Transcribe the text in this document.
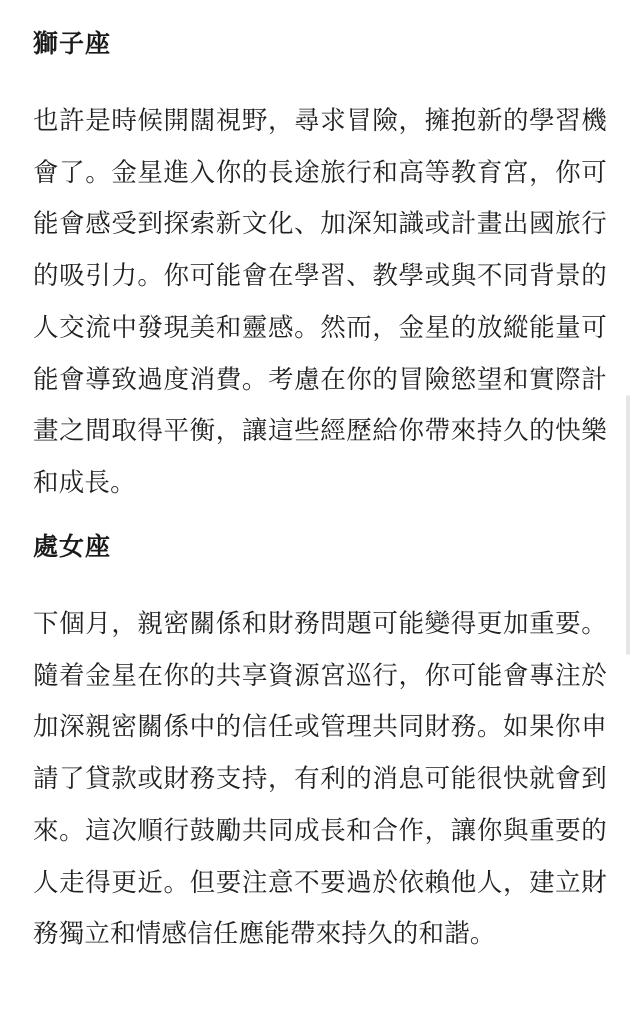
獅子座

也許是時候開闊視野，尋求冒險，擁抱新的學習機會了。金星進入你的長途旅行和高等教育宮，你可能會感受到探索新文化、加深知識或計畫出國旅行的吸引力。你可能會在學習、教學或與不同背景的人交流中發現美和靈感。然而，金星的放縱能量可能會導致過度消費。考慮在你的冒險慾望和實際計畫之間取得平衡，讓這些經歷給你帶來持久的快樂和成長。

處女座

下個月，親密關係和財務問題可能變得更加重要。隨着金星在你的共享資源宮巡行，你可能會專注於加深親密關係中的信任或管理共同財務。如果你申請了貸款或財務支持，有利的消息可能很快就會到來。這次順行鼓勵共同成長和合作，讓你與重要的人走得更近。但要注意不要過於依賴他人，建立財務獨立和情感信任應能帶來持久的和諧。
